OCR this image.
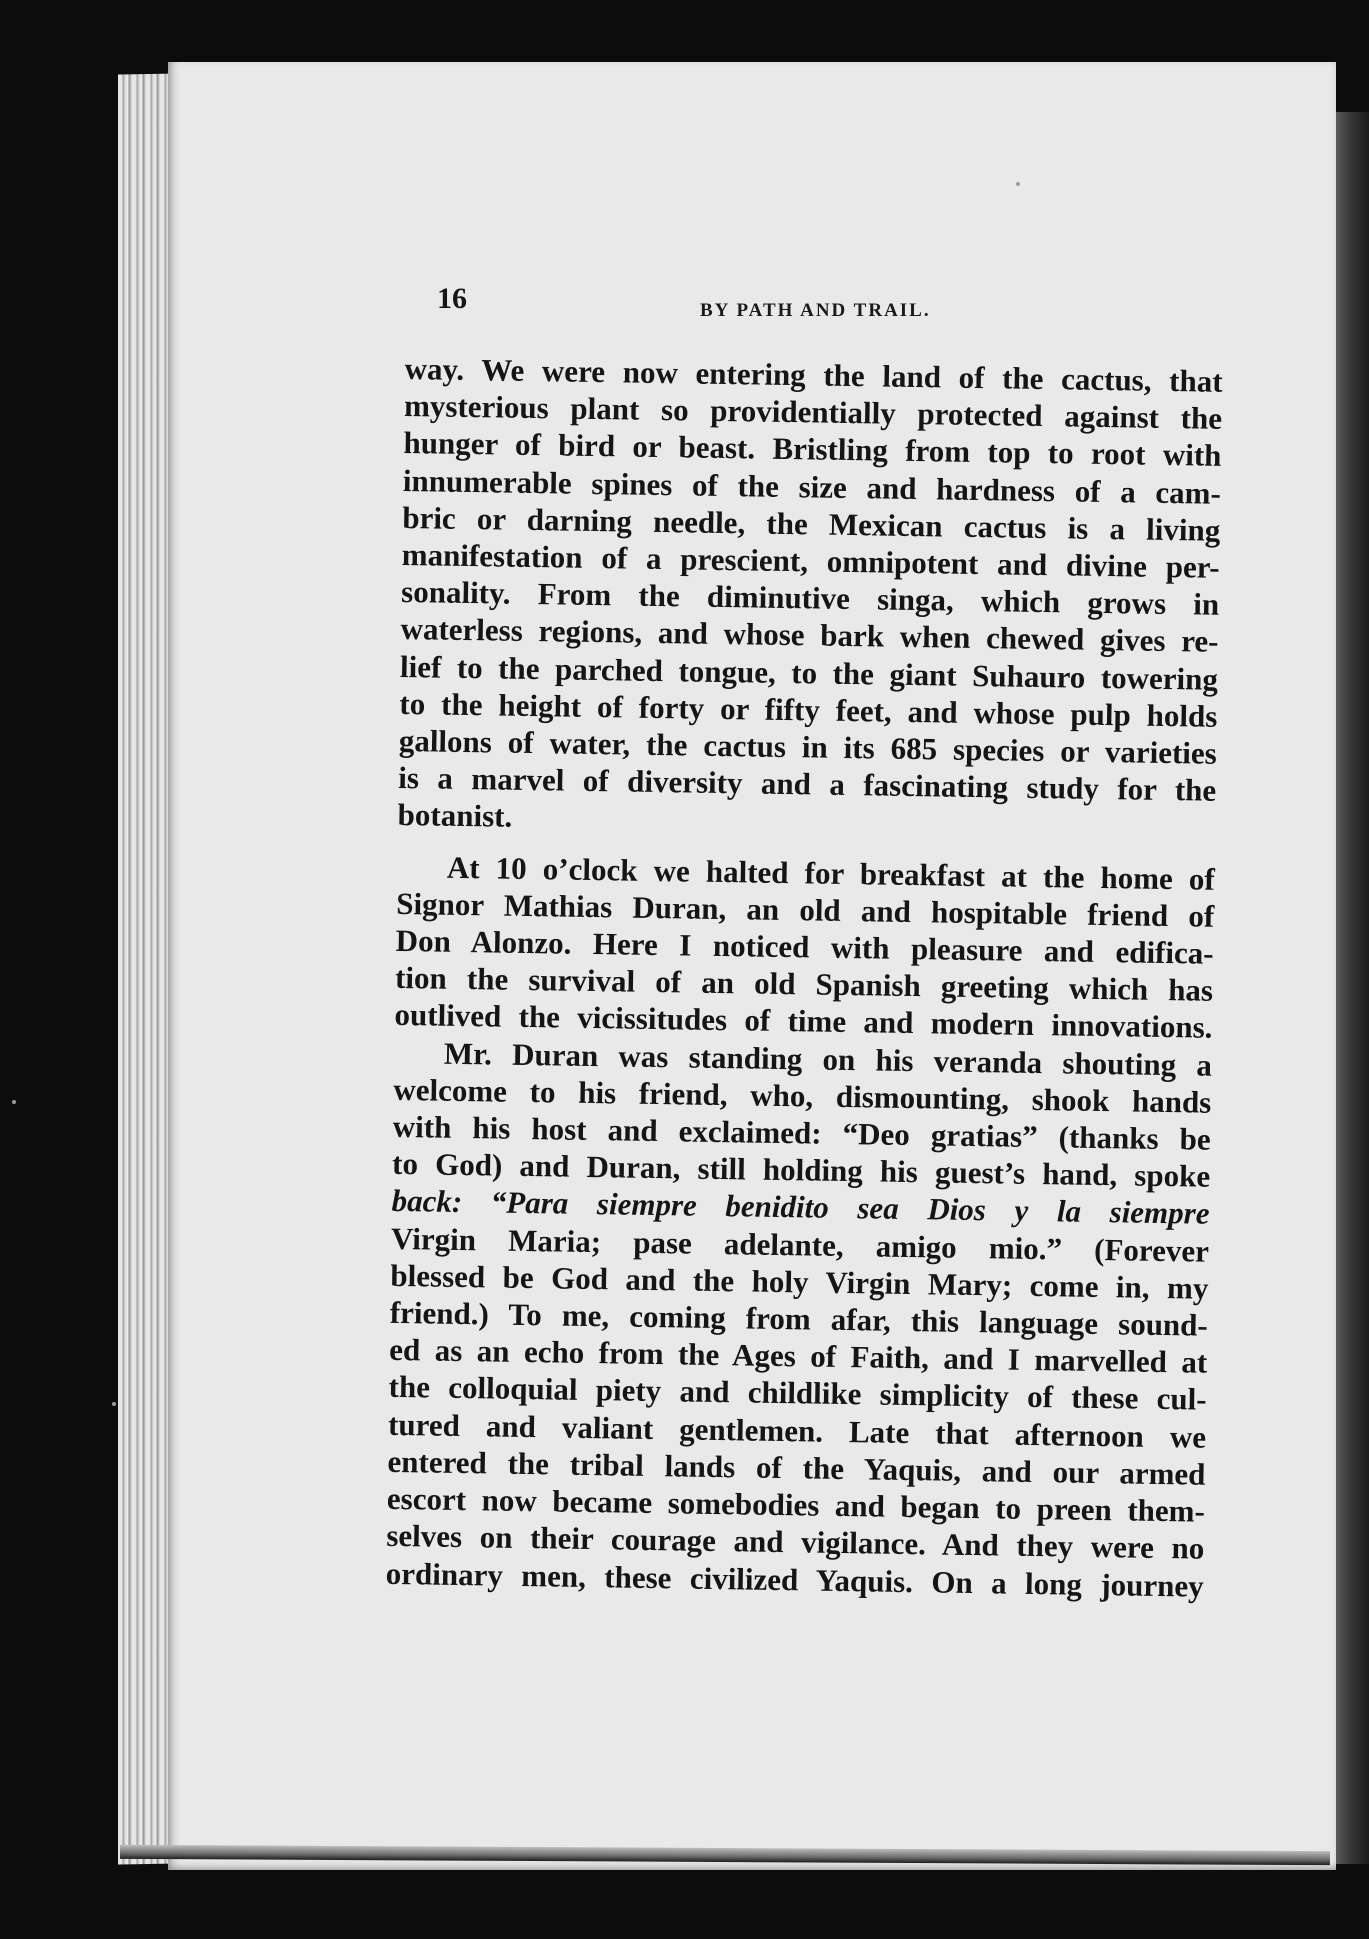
16	BY PATH AND TRAIL.
way. We were now entering the land of the cactus, that
mysterious plant so providentially protected against the
hunger of bird or beast. Bristling from top to root with
innumerable spines of the size and hardness of a cam-
bric or darning needle, the Mexican cactus is a living
manifestation of a prescient, omnipotent and divine per-
sonality. From the diminutive singa, which grows in
waterless regions, and whose bark when chewed gives re-
lief to the parched tongue, to the giant Suhauro towering
to the height of forty or fifty feet, and whose pulp holds
gallons of water, the cactus in its 685 species or varieties
is a marvel of diversity and a fascinating study for the
botanist.
At 10 o’clock we halted for breakfast at the home of
Signor Mathias Duran, an old and hospitable friend of
Don Alonzo. Here I noticed with pleasure and edifica-
tion the survival of an old Spanish greeting which has
outlived the vicissitudes of time and modern innovations.
Mr. Duran was standing on his veranda shouting a
welcome to his friend, who, dismounting, shook hands
with his host and exclaimed: “Deo gratias” (thanks be
to God) and Duran, still holding his guest’s hand, spoke
back: “Para siempre benidito sea Dios y la siempre
Virgin Maria; pase adelante, amigo mio.” (Forever
blessed be God and the holy Virgin Mary; come in, my
friend.) To me, coming from afar, this language sound-
ed as an echo from the Ages of Faith, and I marvelled at
the colloquial piety and childlike simplicity of these cul-
tured and valiant gentlemen. Late that afternoon we
entered the tribal lands of the Yaquis, and our armed
escort now became somebodies and began to preen them-
selves on their courage and vigilance. And they were no
ordinary men, these civilized Yaquis. On a long journey
